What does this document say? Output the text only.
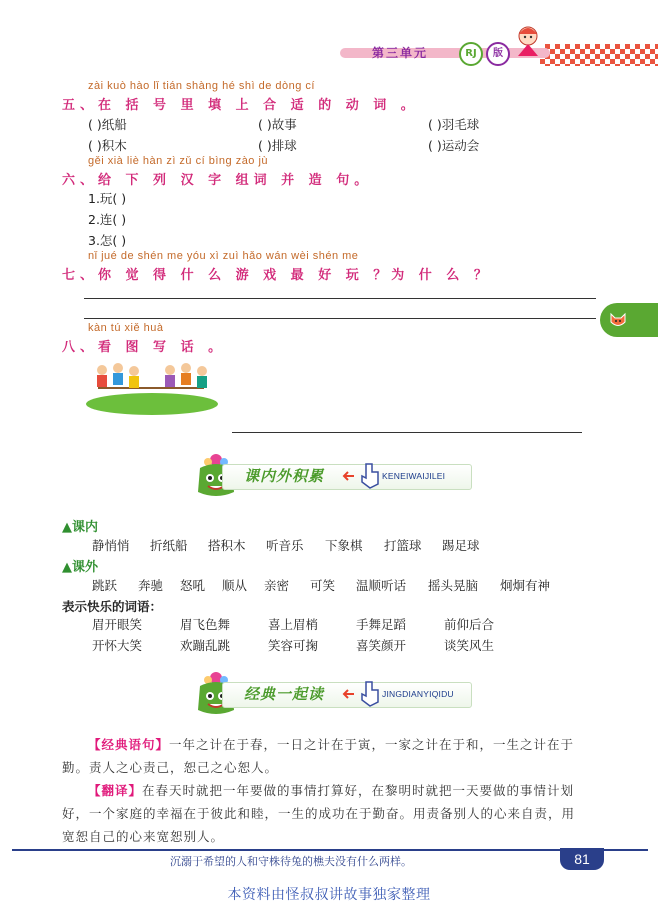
第三单元	RJ	版
zài kuò hào lǐ tián shàng hé shì de dòng cí
五、在 括 号 里 填 上 合 适 的 动 词 。
( )纸船	( )故事	( )羽毛球
( )积木	( )排球	( )运动会
gěi xià liè hàn zì zǔ cí bìng zào jù
六、给 下 列 汉 字 组词 并 造 句。
1.玩( )
2.连( )
3.怎( )
nǐ jué de shén me yóu xì zuì hǎo wán wèi shén me
七、你 觉 得 什 么 游 戏 最 好 玩 ？为 什 么 ？
kàn tú xiě huà
八、看 图 写 话 。
课内外积累	KENEIWAIJILEI
▲课内
静悄悄 折纸船 搭积木 听音乐 下象棋 打篮球 踢足球
▲课外
跳跃 奔驰 怒吼 顺从 亲密 可笑 温顺听话 摇头晃脑 炯炯有神
表示快乐的词语：
眉开眼笑	眉飞色舞	喜上眉梢	手舞足蹈	前仰后合
开怀大笑	欢蹦乱跳	笑容可掬	喜笑颜开	谈笑风生
经典一起读	JINGDIANYIQIDU
【经典语句】一年之计在于春，一日之计在于寅，一家之计在于和，一生之计在于
勤。责人之心责己，恕己之心恕人。
【翻译】在春天时就把一年要做的事情打算好，在黎明时就把一天要做的事情计划
好，一个家庭的幸福在于彼此和睦，一生的成功在于勤奋。用责备别人的心来自责，用
宽恕自己的心来宽恕别人。
沉溺于希望的人和守株待兔的樵夫没有什么两样。	81
本资料由怪叔叔讲故事独家整理
